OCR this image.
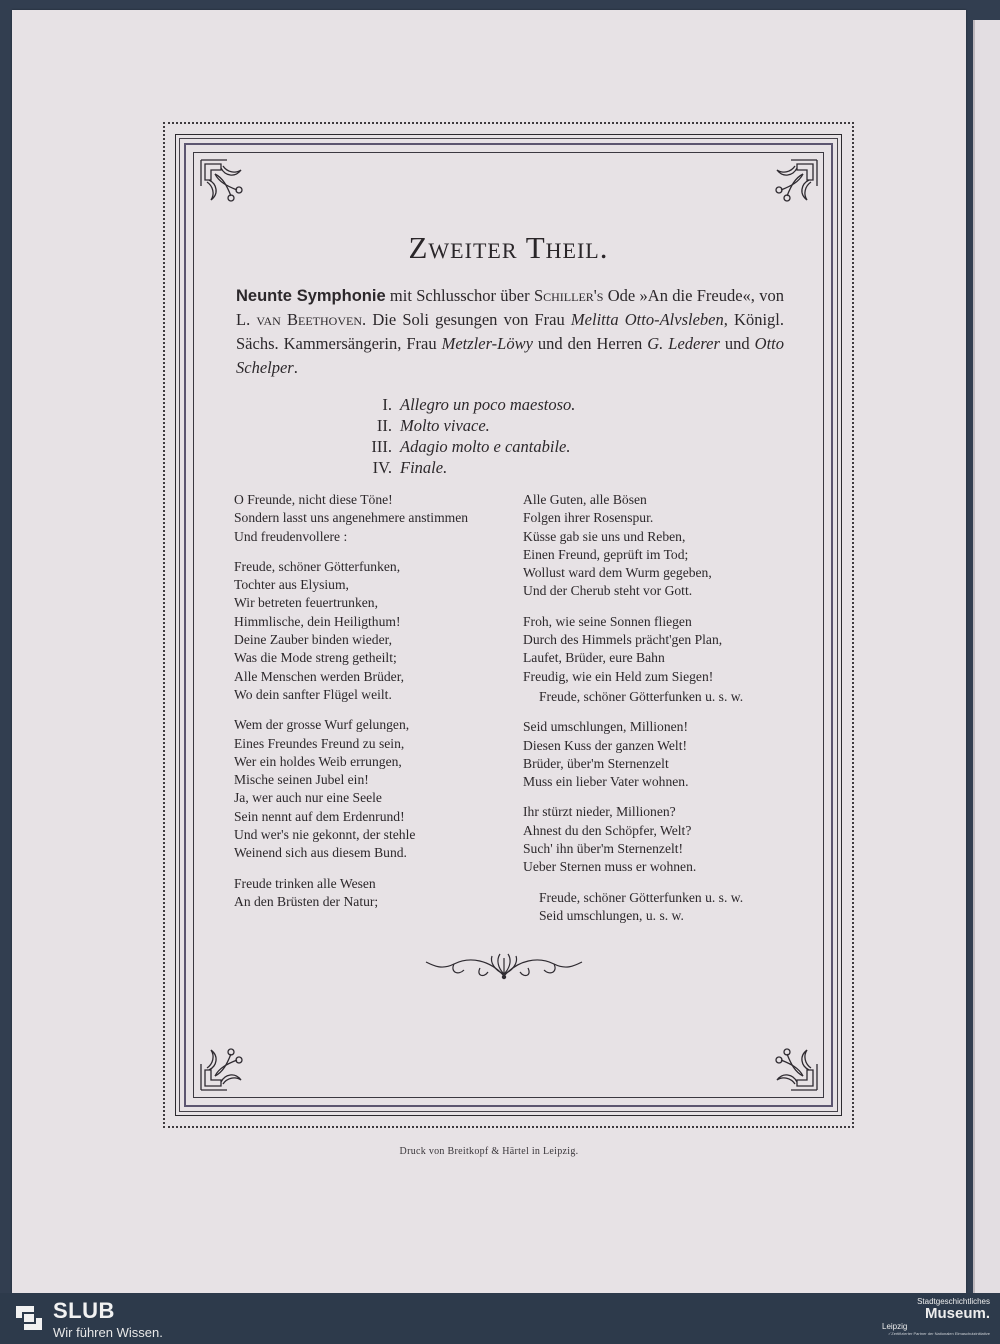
Zweiter Theil.
Neunte Symphonie mit Schlusschor über Schiller's Ode »An die Freude«, von L. van Beethoven. Die Soli gesungen von Frau Melitta Otto-Alvsleben, Königl. Sächs. Kammersängerin, Frau Metzler-Löwy und den Herren G. Lederer und Otto Schelper.
I. Allegro un poco maestoso.
II. Molto vivace.
III. Adagio molto e cantabile.
IV. Finale.
O Freunde, nicht diese Töne!
Sondern lasst uns angenehmere anstimmen
Und freudenvollere :
Freude, schöner Götterfunken,
Tochter aus Elysium,
Wir betreten feuertrunken,
Himmlische, dein Heiligthum!
Deine Zauber binden wieder,
Was die Mode streng getheilt;
Alle Menschen werden Brüder,
Wo dein sanfter Flügel weilt.
Wem der grosse Wurf gelungen,
Eines Freundes Freund zu sein,
Wer ein holdes Weib errungen,
Mische seinen Jubel ein!
Ja, wer auch nur eine Seele
Sein nennt auf dem Erdenrund!
Und wer's nie gekonnt, der stehle
Weinend sich aus diesem Bund.
Freude trinken alle Wesen
An den Brüsten der Natur;
Alle Guten, alle Bösen
Folgen ihrer Rosenspur.
Küsse gab sie uns und Reben,
Einen Freund, geprüft im Tod;
Wollust ward dem Wurm gegeben,
Und der Cherub steht vor Gott.
Froh, wie seine Sonnen fliegen
Durch des Himmels prächt'gen Plan,
Laufet, Brüder, eure Bahn
Freudig, wie ein Held zum Siegen!
Freude, schöner Götterfunken u. s. w.
Seid umschlungen, Millionen!
Diesen Kuss der ganzen Welt!
Brüder, über'm Sternenzelt
Muss ein lieber Vater wohnen.
Ihr stürzt nieder, Millionen?
Ahnest du den Schöpfer, Welt?
Such' ihn über'm Sternenzelt!
Ueber Sternen muss er wohnen.
Freude, schöner Götterfunken u. s. w.
Seid umschlungen, u. s. w.
Druck von Breitkopf & Härtel in Leipzig.
SLUB
Wir führen Wissen.
Stadtgeschichtliches
Museum.
Leipzig
✓Zertifizierter Partner der Nationalen Elmaschutzinitiative
